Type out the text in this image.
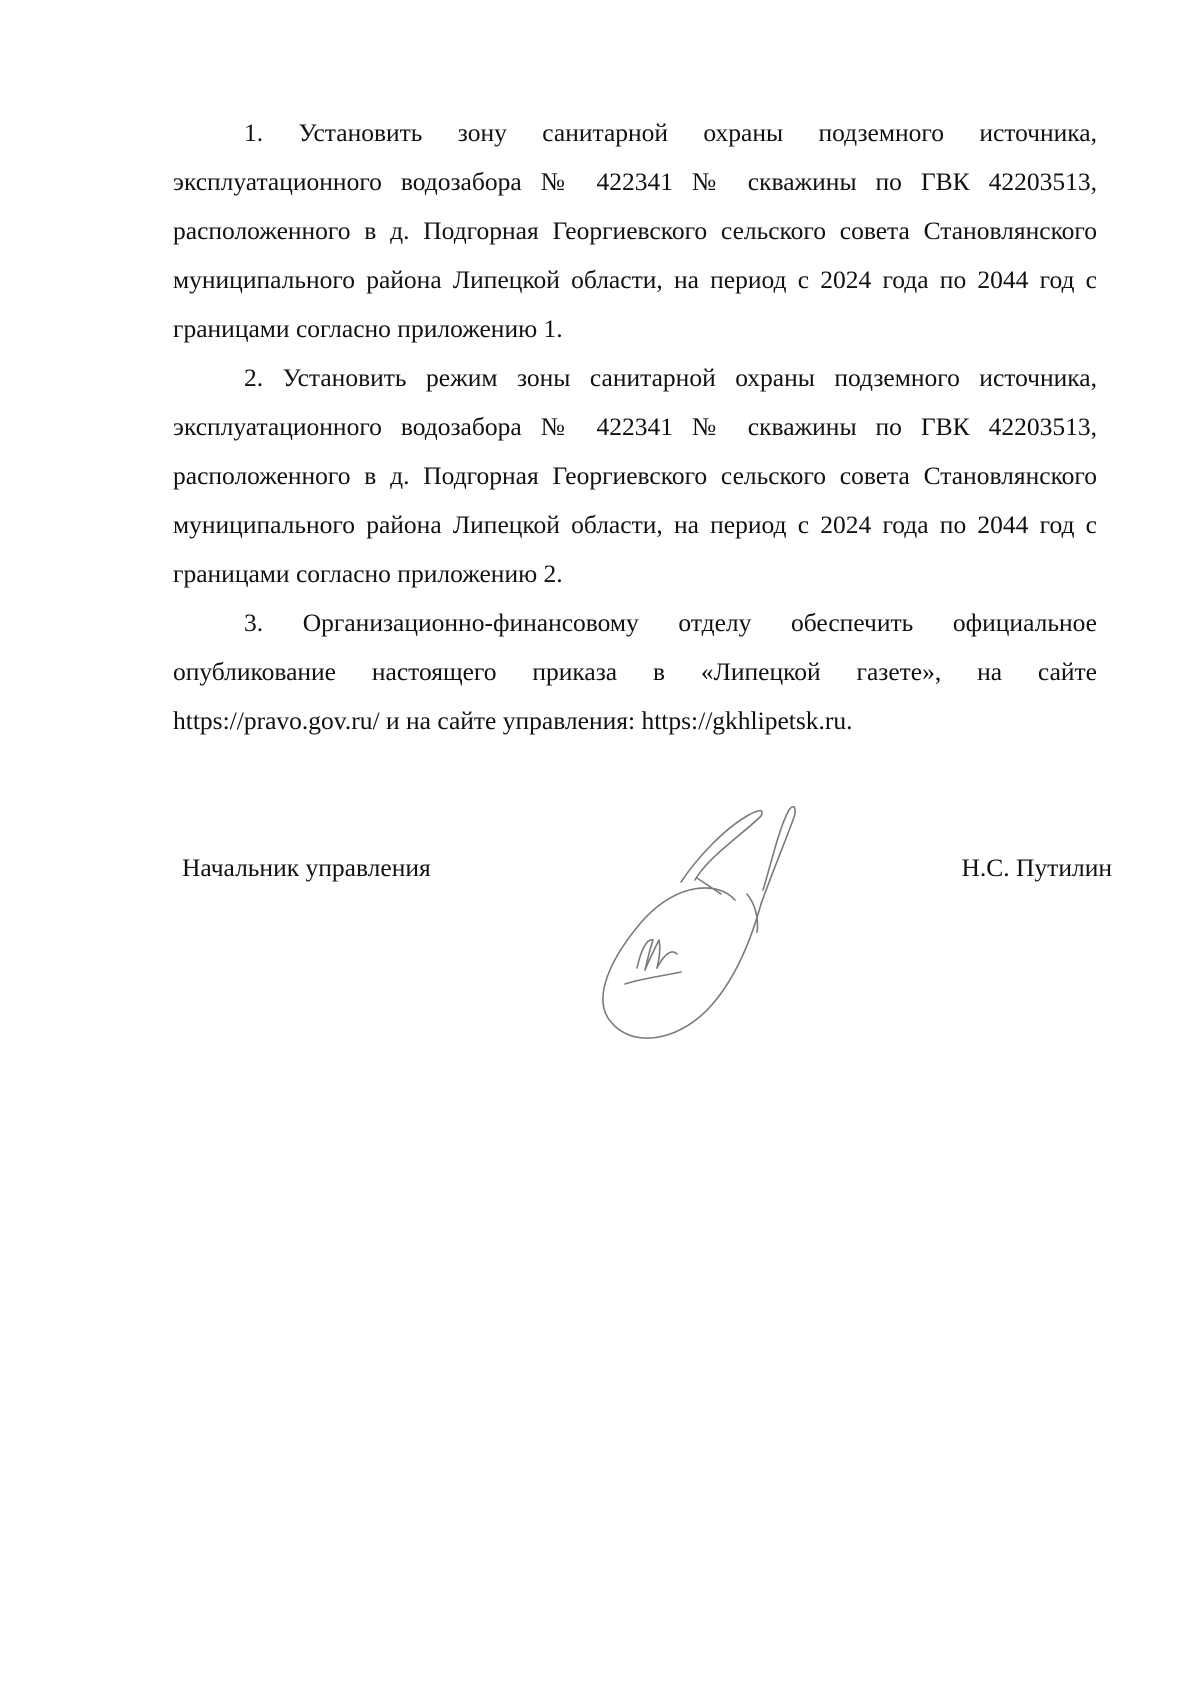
1. Установить зону санитарной охраны подземного источника, эксплуатационного водозабора № 422341 № скважины по ГВК 42203513, расположенного в д. Подгорная Георгиевского сельского совета Становлянского муниципального района Липецкой области, на период с 2024 года по 2044 год с границами согласно приложению 1.

2. Установить режим зоны санитарной охраны подземного источника, эксплуатационного водозабора № 422341 № скважины по ГВК 42203513, расположенного в д. Подгорная Георгиевского сельского совета Становлянского муниципального района Липецкой области, на период с 2024 года по 2044 год с границами согласно приложению 2.

3. Организационно-финансовому отделу обеспечить официальное опубликование настоящего приказа в «Липецкой газете», на сайте https://pravo.gov.ru/ и на сайте управления: https://gkhlipetsk.ru.

Начальник управления	Н.С. Путилин
